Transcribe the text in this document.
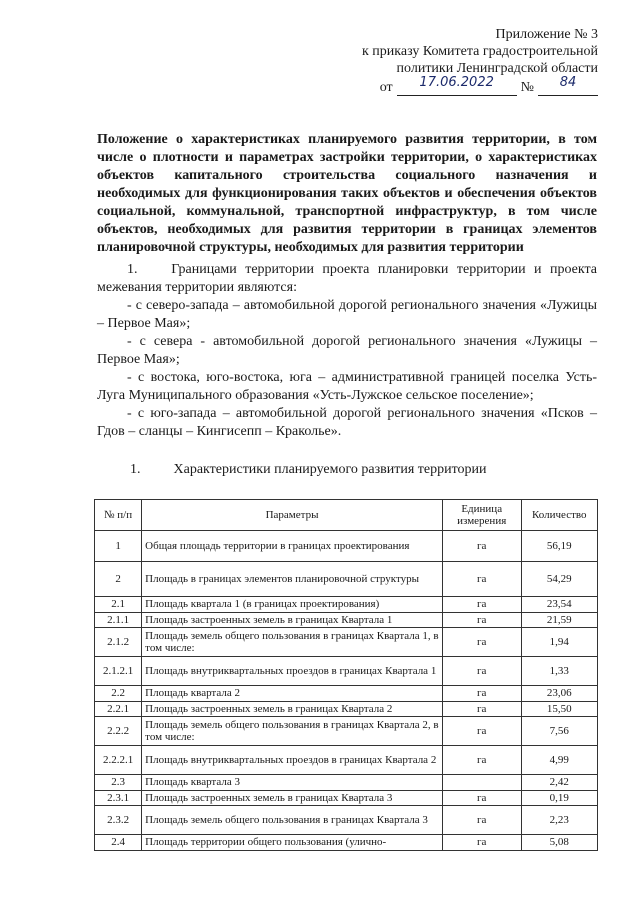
Приложение № 3
к приказу Комитета градостроительной
политики Ленинградской области
от	17.06.2022	№	84
Положение о характеристиках планируемого развития территории, в том числе о плотности и параметрах застройки территории, о характеристиках объектов капитального строительства социального назначения и необходимых для функционирования таких объектов и обеспечения объектов социальной, коммунальной, транспортной инфраструктур, в том числе объектов, необходимых для развития территории в границах элементов планировочной структуры, необходимых для развития территории

1.    Границами территории проекта планировки территории и проекта межевания территории являются:

- с северо-запада – автомобильной дорогой регионального значения «Лужицы – Первое Мая»;

- с севера - автомобильной дорогой регионального значения «Лужицы – Первое Мая»;

- с востока, юго-востока, юга – административной границей поселка Усть-Луга Муниципального образования «Усть-Лужское сельское поселение»;

- с юго-запада – автомобильной дорогой регионального значения «Псков – Гдов – сланцы – Кингисепп – Кракольe».

1. Характеристики планируемого развития территории
№ п/п	Параметры	Единица измерения	Количество
1	Общая площадь территории в границах проектирования	га	56,19
2	Площадь в границах элементов планировочной структуры	га	54,29
2.1	Площадь квартала 1 (в границах проектирования)	га	23,54
2.1.1	Площадь застроенных земель в границах Квартала 1	га	21,59
2.1.2	Площадь земель общего пользования в границах Квартала 1, в том числе:	га	1,94
2.1.2.1	Площадь внутриквартальных проездов в границах Квартала 1	га	1,33
2.2	Площадь квартала 2	га	23,06
2.2.1	Площадь застроенных земель в границах Квартала 2	га	15,50
2.2.2	Площадь земель общего пользования в границах Квартала 2, в том числе:	га	7,56
2.2.2.1	Площадь внутриквартальных проездов в границах Квартала 2	га	4,99
2.3	Площадь квартала 3		2,42
2.3.1	Площадь застроенных земель в границах Квартала 3	га	0,19
2.3.2	Площадь земель общего пользования в границах Квартала 3	га	2,23
2.4	Площадь территории общего пользования (улично-	га	5,08
